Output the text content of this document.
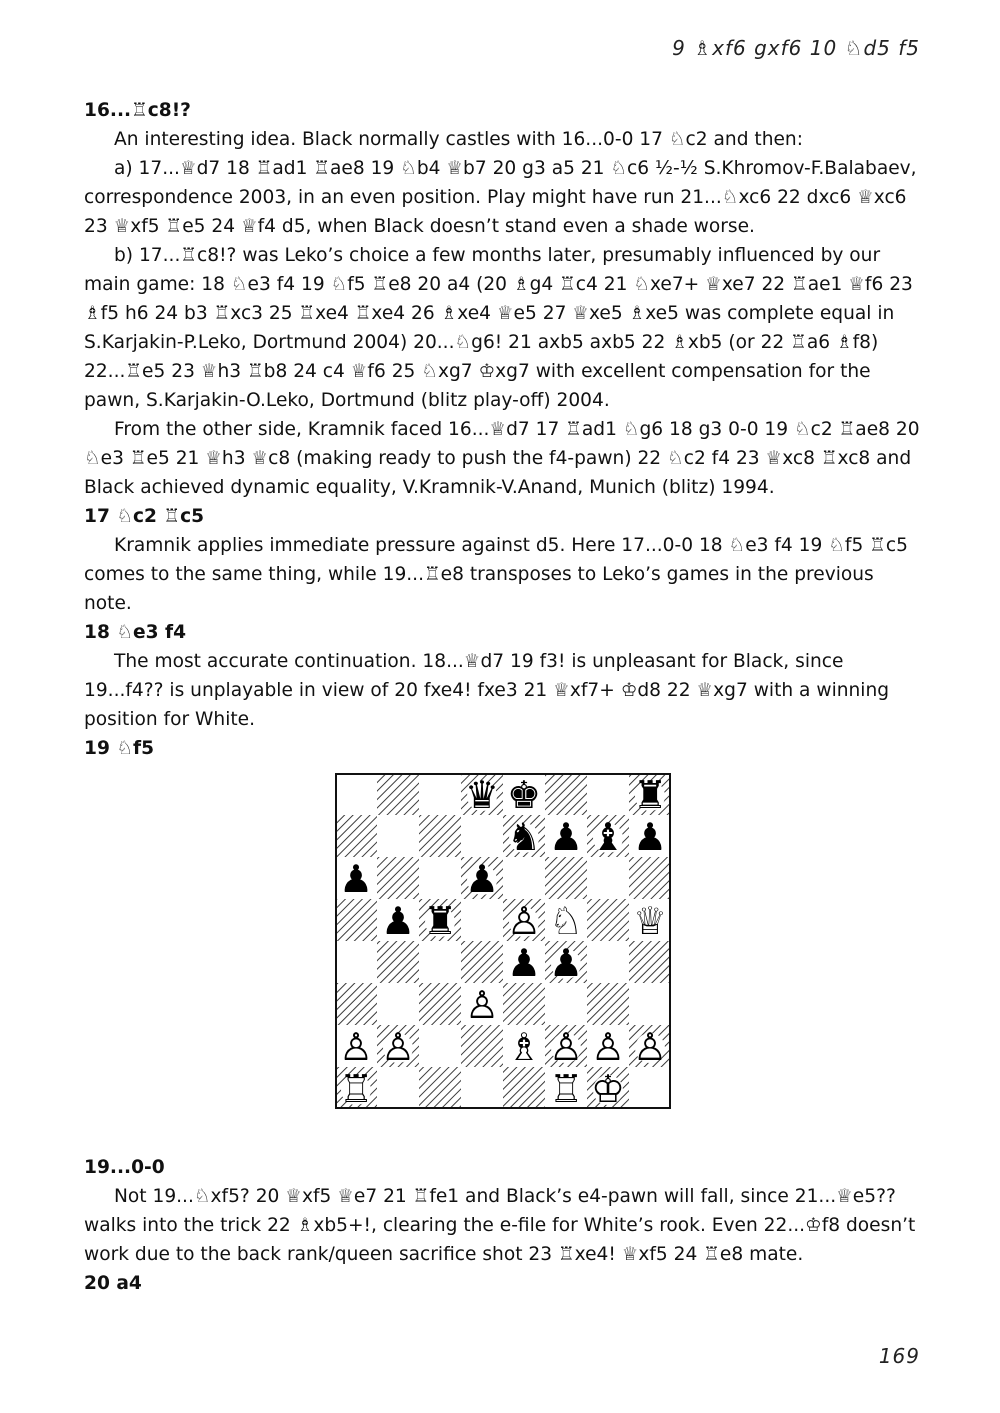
9 ♗xf6 gxf6 10 ♘d5 f5

16...♖c8!?

An interesting idea. Black normally castles with 16...0-0 17 ♘c2 and then:

a) 17...♕d7 18 ♖ad1 ♖ae8 19 ♘b4 ♕b7 20 g3 a5 21 ♘c6 ½-½ S.Khromov-F.Balabaev, correspondence 2003, in an even position. Play might have run 21...♘xc6 22 dxc6 ♕xc6 23 ♕xf5 ♖e5 24 ♕f4 d5, when Black doesn’t stand even a shade worse.

b) 17...♖c8!? was Leko’s choice a few months later, presumably influenced by our main game: 18 ♘e3 f4 19 ♘f5 ♖e8 20 a4 (20 ♗g4 ♖c4 21 ♘xe7+ ♕xe7 22 ♖ae1 ♕f6 23 ♗f5 h6 24 b3 ♖xc3 25 ♖xe4 ♖xe4 26 ♗xe4 ♕e5 27 ♕xe5 ♗xe5 was complete equal in S.Karjakin-P.Leko, Dortmund 2004) 20...♘g6! 21 axb5 axb5 22 ♗xb5 (or 22 ♖a6 ♗f8) 22...♖e5 23 ♕h3 ♖b8 24 c4 ♕f6 25 ♘xg7 ♔xg7 with excellent compensation for the pawn, S.Karjakin-O.Leko, Dortmund (blitz play-off) 2004.

From the other side, Kramnik faced 16...♕d7 17 ♖ad1 ♘g6 18 g3 0-0 19 ♘c2 ♖ae8 20 ♘e3 ♖e5 21 ♕h3 ♕c8 (making ready to push the f4-pawn) 22 ♘c2 f4 23 ♕xc8 ♖xc8 and Black achieved dynamic equality, V.Kramnik-V.Anand, Munich (blitz) 1994.

17 ♘c2 ♖c5

Kramnik applies immediate pressure against d5. Here 17...0-0 18 ♘e3 f4 19 ♘f5 ♖c5 comes to the same thing, while 19...♖e8 transposes to Leko’s games in the previous note.

18 ♘e3 f4

The most accurate continuation. 18...♕d7 19 f3! is unpleasant for Black, since 19...f4?? is unplayable in view of 20 fxe4! fxe3 21 ♕xf7+ ♔d8 22 ♕xg7 with a winning position for White.

19 ♘f5

♛ ♚ ♜
♞ ♟ ♝ ♟
♟ ♟
♟ ♜ ♙ ♘ ♕
♟ ♟
♙
♙ ♙ ♗ ♙ ♙ ♙
♖	♖ ♔

19...0-0

Not 19...♘xf5? 20 ♕xf5 ♕e7 21 ♖fe1 and Black’s e4-pawn will fall, since 21...♕e5?? walks into the trick 22 ♗xb5+!, clearing the e-file for White’s rook. Even 22...♔f8 doesn’t work due to the back rank/queen sacrifice shot 23 ♖xe4! ♕xf5 24 ♖e8 mate.

20 a4

169
